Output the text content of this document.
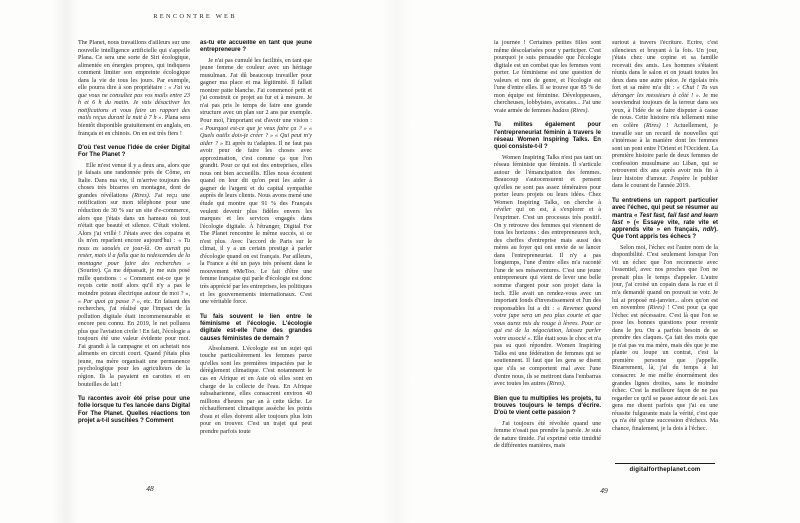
RENCONTRE WEB

The Planet, nous travaillons d'ailleurs sur une nouvelle intelligence artificielle qui s'appelle Plana. Ce sera une sorte de Siri écologique, alimentée en énergies propres, qui indiquera comment limiter son empreinte écologique dans la vie de tous les jours. Par exemple, elle pourra dire à son propriétaire : « J'ai vu que vous ne consultez pas vos mails entre 23 h et 6 h du matin. Je vais désactiver les notifications et vous faire un rapport des mails reçus durant la nuit à 7 h ». Plana sera bientôt disponible gratuitement en anglais, en français et en chinois. On en est très fiers !

D'où t'est venue l'idée de créer Digital For The Planet ?

Elle m'est venue il y a deux ans, alors que je faisais une randonnée près de Côme, en Italie. Dans ma vie, il m'arrive toujours des choses très bizarres en montagne, dont de grandes révélations (Rires). J'ai reçu une notification sur mon téléphone pour une réduction de 30 % sur un site d'e-commerce, alors que j'étais dans un hameau où tout n'était que beauté et silence. C'était violent. Alors j'ai vrillé ! J'étais avec des copains et ils m'en reparlent encore aujourd'hui : « Tu nous as saoulés ce jour-là. On aurait pu rester, mais il a fallu que tu redescendes de la montagne pour faire des recherches » (Sourire). Ça me dépassait, je me suis posé mille questions : « Comment est-ce que je reçois cette notif alors qu'il n'y a pas le moindre poteau électrique autour de moi ? », « Par quoi ça passe ? », etc. En faisant des recherches, j'ai réalisé que l'impact de la pollution digitale était incommensurable et encore peu connu. En 2019, le net polluera plus que l'aviation civile ! En fait, l'écologie a toujours été une valeur évidente pour moi. J'ai grandi à la campagne et on achetait nos aliments en circuit court. Quand j'étais plus jeune, ma mère organisait une permanence psychologique pour les agriculteurs de la région. Ils la payaient en carottes et en bouteilles de lait !

Tu racontes avoir été prise pour une folle lorsque tu t'es lancée dans Digital For The Planet. Quelles réactions ton projet a-t-il suscitées ? Comment

as-tu été accueillie en tant que jeune entrepreneure ?

Je n'ai pas cumulé les facilités, en tant que jeune femme de couleur avec un héritage musulman. J'ai dû beaucoup travailler pour gagner ma place et ma légitimité. Il fallait montrer patte blanche. J'ai commencé petit et j'ai construit ce projet au fur et à mesure. Je n'ai pas pris le temps de faire une grande structure avec un plan sur 2 ans par exemple. Pour moi, l'important est d'avoir une vision : « Pourquoi est-ce que je veux faire ça ? » « Quels outils dois-je créer ? » « Qui peut m'y aider ? » Et après tu t'adaptes. Il ne faut pas avoir peur de faire les choses avec approximation, c'est comme ça que l'on grandit. Pour ce qui est des entreprises, elles nous ont bien accueillis. Elles nous écoutent quand on leur dit qu'on peut les aider à gagner de l'argent et du capital sympathie auprès de leurs clients. Nous avons mené une étude qui montre que 91 % des Français veulent devenir plus fidèles envers les marques et les services engagés dans l'écologie digitale. À l'étranger, Digital For The Planet rencontre le même succès, si ce n'est plus. Avec l'accord de Paris sur le climat, il y a un certain prestige à parler d'écologie quand on est français. Par ailleurs, la France a été un pays très présent dans le mouvement #MeToo. Le fait d'être une femme française qui parle d'écologie est donc très apprécié par les entreprises, les politiques et les gouvernements internationaux. C'est une véritable force.

Tu fais souvent le lien entre le féminisme et l'écologie. L'écologie digitale est-elle l'une des grandes causes féministes de demain ?

Absolument. L'écologie est un sujet qui touche particulièrement les femmes parce qu'elles sont les premières impactées par le dérèglement climatique. C'est notamment le cas en Afrique et en Asie où elles sont en charge de la collecte de l'eau. En Afrique subsaharienne, elles consacrent environ 40 millions d'heures par an à cette tâche. Le réchauffement climatique assèche les points d'eau et elles doivent aller toujours plus loin pour en trouver. C'est un trajet qui peut prendre parfois toute

la journée ! Certaines petites filles sont même déscolarisées pour y participer. C'est pourquoi je suis persuadée que l'écologie digitale est un combat que les femmes vont porter. Le féminisme est une question de valeurs et non de genre, et l'écologie est l'une d'entre elles. Il se trouve que 85 % de mon équipe est féminine. Développeuses, chercheuses, lobbyistes, avocates... J'ai une vraie armée de femmes badass (Rires).

Tu milites également pour l'entrepreneuriat féminin à travers le réseau Women Inspiring Talks. En quoi consiste-t-il ?

Women Inspiring Talks n'est pas tant un réseau féministe que féminin. Il s'articule autour de l'émancipation des femmes. Beaucoup s'autocensurent et pensent qu'elles ne sont pas assez téméraires pour porter leurs projets ou leurs idées. Chez Women Inspiring Talks, on cherche à révéler qui on est, à s'explorer et à l'exprimer. C'est un processus très positif. On y retrouve des femmes qui viennent de tous les horizons : des entrepreneures tech, des cheffes d'entreprise mais aussi des mères au foyer qui ont envie de se lancer dans l'entrepreneuriat. Il n'y a pas longtemps, l'une d'entre elles m'a raconté l'une de ses mésaventures. C'est une jeune entrepreneure qui vient de lever une belle somme d'argent pour son projet dans la tech. Elle avait un rendez-vous avec un important fonds d'investissement et l'un des responsables lui a dit : « Revenez quand votre jupe sera un peu plus courte et que vous aurez mis du rouge à lèvres. Pour ce qui est de la négociation, laissez parler votre associé ». Elle était sous le choc et n'a pas su quoi répondre. Women Inspiring Talks est une fédération de femmes qui se soutiennent. Il faut que les gens se disent que s'ils se comportent mal avec l'une d'entre nous, ils se mettront dans l'embarras avec toutes les autres (Rires).

Bien que tu multiplies les projets, tu trouves toujours le temps d'écrire. D'où te vient cette passion ?

J'ai toujours été révoltée quand une femme n'osait pas prendre la parole. Je suis de nature timide. J'ai exprimé cette timidité de différentes manières, mais

surtout à travers l'écriture. Écrire, c'est silencieux et bruyant à la fois. Un jour, j'étais chez une copine et sa famille recevait des amis. Les hommes s'étaient réunis dans le salon et on jouait toutes les deux dans une autre pièce. Je rigolais très fort et sa mère m'a dit : « Chut ! Tu vas déranger les messieurs à côté ! ». Je me souviendrai toujours de la terreur dans ses yeux, à l'idée de se faire disputer à cause de nous. Cette histoire m'a tellement mise en colère (Rires) ! Actuellement, je travaille sur un recueil de nouvelles qui s'intéresse à la manière dont les femmes sont un pont entre l'Orient et l'Occident. La première histoire parle de deux femmes de confession musulmane au Liban, qui se retrouvent dix ans après avoir mis fin à leur histoire d'amour. J'espère le publier dans le courant de l'année 2019.

Tu entretiens un rapport particulier avec l'échec, qui peut se résumer au mantra « Test fast, fail fast and learn fast » (« Essaye vite, rate vite et apprends vite » en français, ndlr). Que t'ont appris tes échecs ?

Selon moi, l'échec est l'autre nom de la disponibilité. C'est seulement lorsque l'on vit un échec que l'on reconnecte avec l'essentiel, avec nos proches que l'on ne prenait plus le temps d'appeler. L'autre jour, j'ai croisé un copain dans la rue et il m'a demandé quand on pouvait se voir. Je lui ai proposé mi-janvier... alors qu'on est en novembre (Rires) ! C'est pour ça que l'échec est nécessaire. C'est là que l'on se pose les bonnes questions pour revenir dans le jeu. On a parfois besoin de se prendre des claques. Ça fait des mois que je n'ai pas vu ma mère, mais dès que je me plante ou loupe un contrat, c'est la première personne que j'appelle. Bizarrement, là, j'ai du temps à lui consacrer. Je me méfie énormément des grandes lignes droites, sans le moindre échec. C'est la meilleure façon de ne pas regarder ce qu'il se passe autour de soi. Les gens me disent parfois que j'ai eu une réussite fulgurante mais la vérité, c'est que ça n'a été qu'une succession d'échecs. Ma chance, finalement, je la dois à l'échec.

digitalfortheplanet.com
48	49
